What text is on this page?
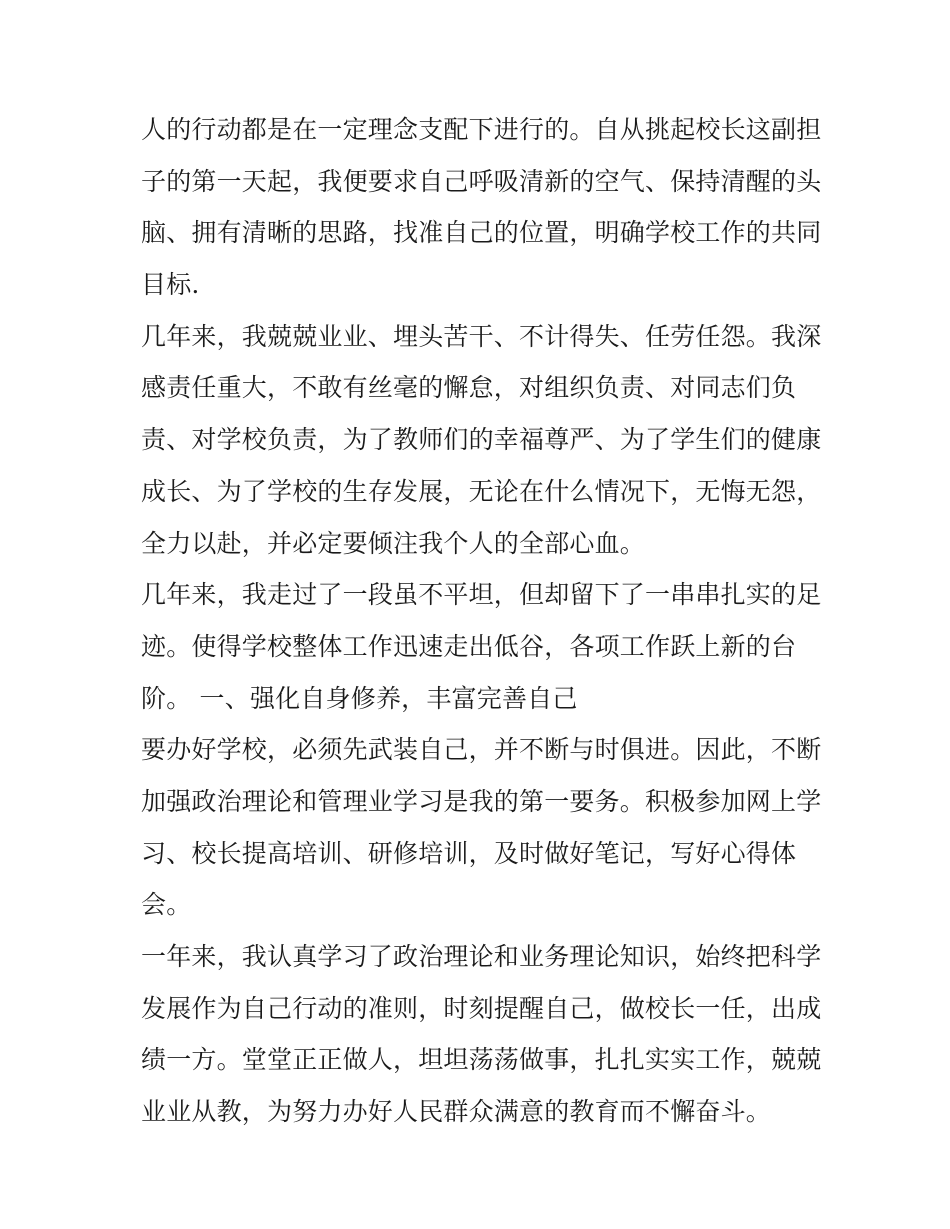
人的行动都是在一定理念支配下进行的。自从挑起校长这副担
子的第一天起，我便要求自己呼吸清新的空气、保持清醒的头
脑、拥有清晰的思路，找准自己的位置，明确学校工作的共同
目标.
几年来，我兢兢业业、埋头苦干、不计得失、任劳任怨。我深
感责任重大，不敢有丝毫的懈怠，对组织负责、对同志们负
责、对学校负责，为了教师们的幸福尊严、为了学生们的健康
成长、为了学校的生存发展，无论在什么情况下，无悔无怨，
全力以赴，并必定要倾注我个人的全部心血。
几年来，我走过了一段虽不平坦，但却留下了一串串扎实的足
迹。使得学校整体工作迅速走出低谷，各项工作跃上新的台
阶。 一、强化自身修养，丰富完善自己
要办好学校，必须先武装自己，并不断与时俱进。因此，不断
加强政治理论和管理业学习是我的第一要务。积极参加网上学
习、校长提高培训、研修培训，及时做好笔记，写好心得体
会。
一年来，我认真学习了政治理论和业务理论知识，始终把科学
发展作为自己行动的准则，时刻提醒自己，做校长一任，出成
绩一方。堂堂正正做人，坦坦荡荡做事，扎扎实实工作，兢兢
业业从教，为努力办好人民群众满意的教育而不懈奋斗。
